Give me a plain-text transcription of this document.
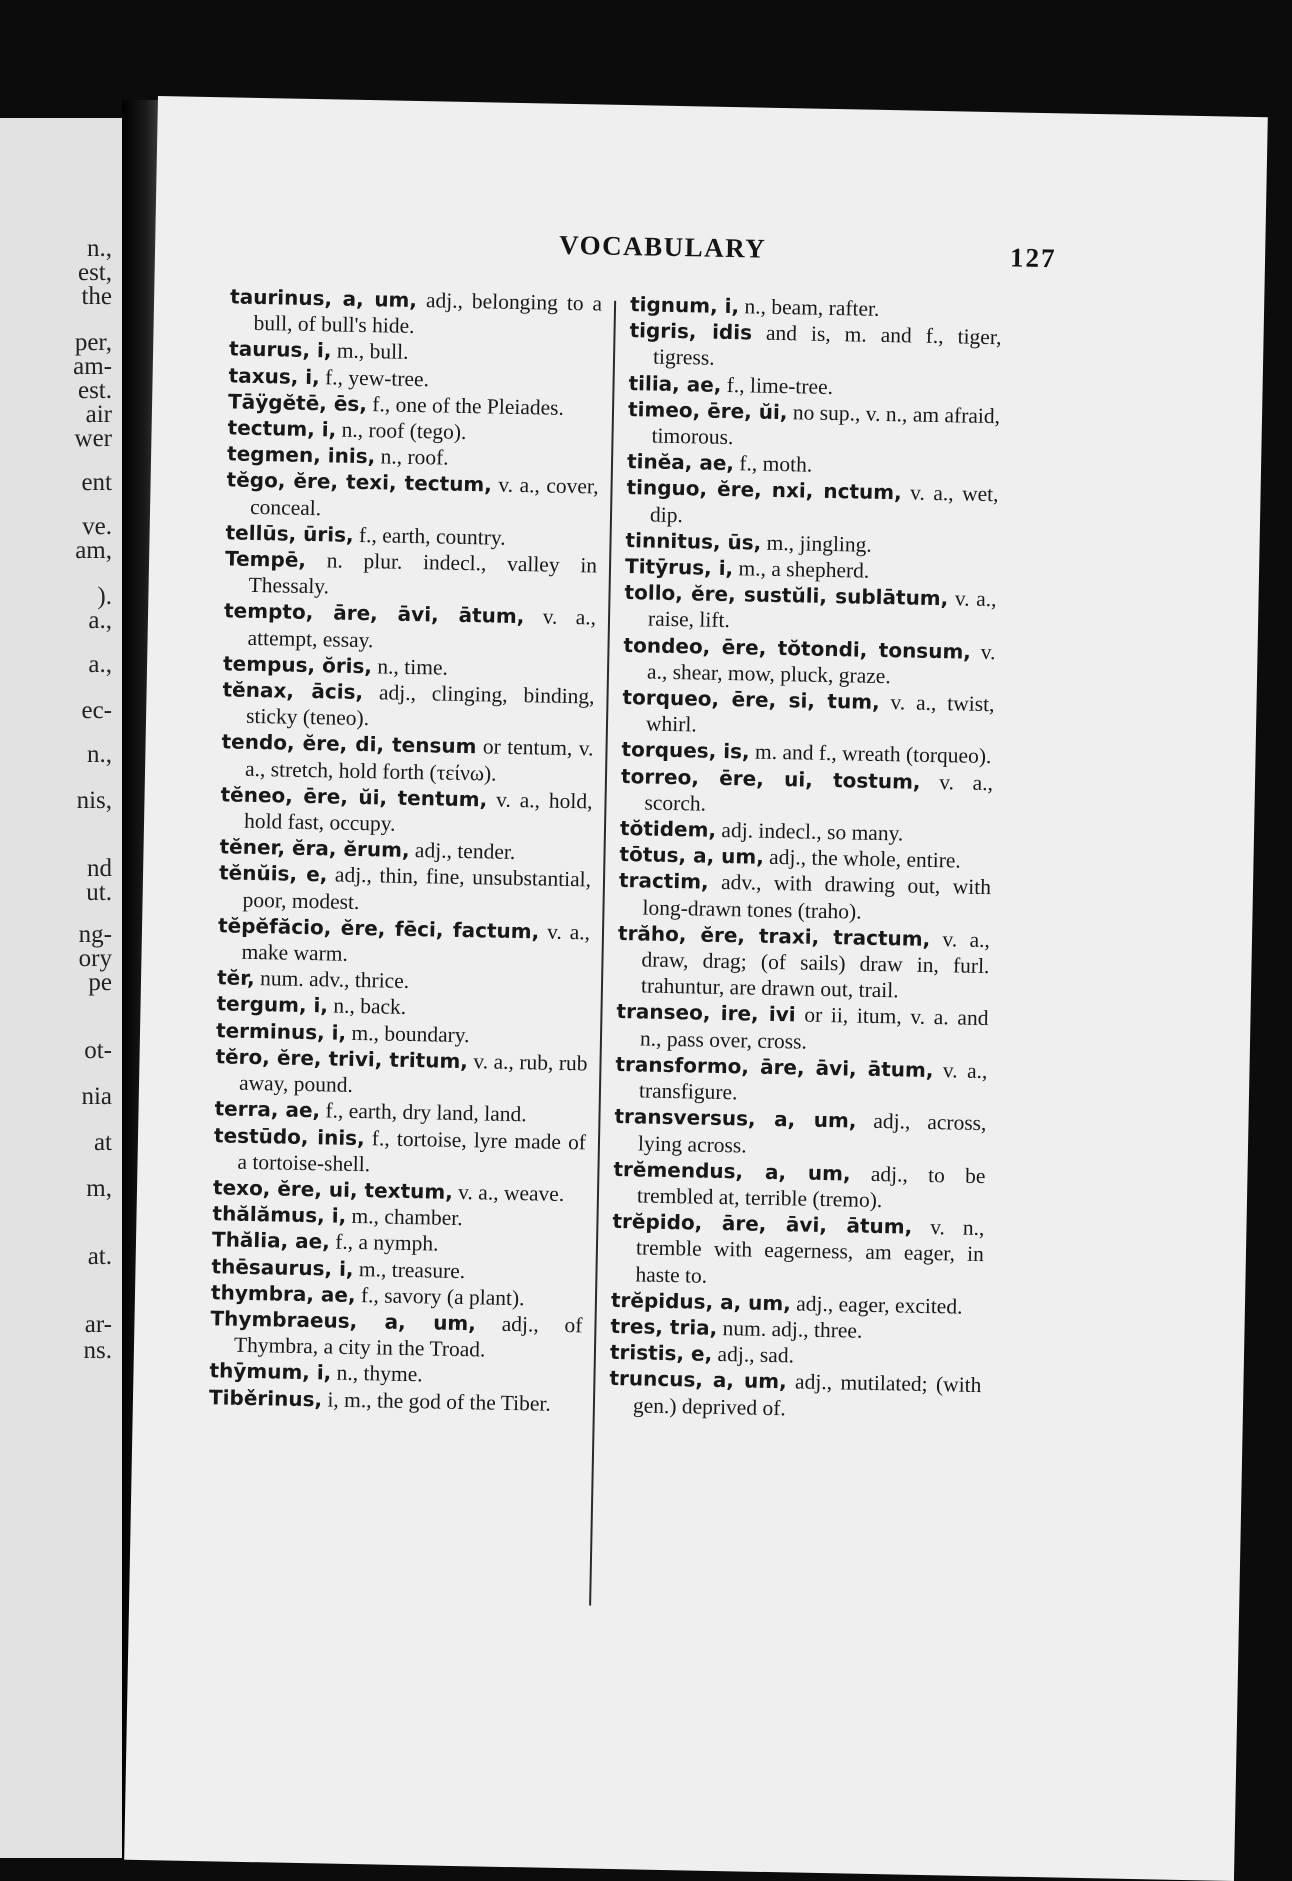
n.,
est,
the
per,
am-
est.
air
wer
ent
ve.
am,
).
a.,
a.,
ec-
n.,
nis,
nd
ut.
ng-
ory
pe
ot-
nia
at
m,
at.
ar-
ns.
VOCABULARY	127
taurinus, a, um, adj., belonging to a bull, of bull's hide.
taurus, i, m., bull.
taxus, i, f., yew-tree.
Tāÿgĕtē, ēs, f., one of the Pleiades.
tectum, i, n., roof (tego).
tegmen, inis, n., roof.
tĕgo, ĕre, texi, tectum, v. a., cover, conceal.
tellūs, ūris, f., earth, country.
Tempē, n. plur. indecl., valley in Thessaly.
tempto, āre, āvi, ātum, v. a., attempt, essay.
tempus, ŏris, n., time.
tĕnax, ācis, adj., clinging, binding, sticky (teneo).
tendo, ĕre, di, tensum or tentum, v. a., stretch, hold forth (τείνω).
tĕneo, ēre, ŭi, tentum, v. a., hold, hold fast, occupy.
tĕner, ĕra, ĕrum, adj., tender.
tĕnŭis, e, adj., thin, fine, unsubstantial, poor, modest.
tĕpĕfăcio, ĕre, fēci, factum, v. a., make warm.
tĕr, num. adv., thrice.
tergum, i, n., back.
terminus, i, m., boundary.
tĕro, ĕre, trivi, tritum, v. a., rub, rub away, pound.
terra, ae, f., earth, dry land, land.
testūdo, inis, f., tortoise, lyre made of a tortoise-shell.
texo, ĕre, ui, textum, v. a., weave.
thălămus, i, m., chamber.
Thălia, ae, f., a nymph.
thēsaurus, i, m., treasure.
thymbra, ae, f., savory (a plant).
Thymbraeus, a, um, adj., of Thymbra, a city in the Troad.
thȳmum, i, n., thyme.
Tiběrinus, i, m., the god of the Tiber.
tignum, i, n., beam, rafter.
tigris, idis and is, m. and f., tiger, tigress.
tilia, ae, f., lime-tree.
timeo, ēre, ŭi, no sup., v. n., am afraid, timorous.
tinĕa, ae, f., moth.
tinguo, ĕre, nxi, nctum, v. a., wet, dip.
tinnitus, ūs, m., jingling.
Titȳrus, i, m., a shepherd.
tollo, ĕre, sustŭli, sublātum, v. a., raise, lift.
tondeo, ēre, tŏtondi, tonsum, v. a., shear, mow, pluck, graze.
torqueo, ēre, si, tum, v. a., twist, whirl.
torques, is, m. and f., wreath (torqueo).
torreo, ēre, ui, tostum, v. a., scorch.
tŏtidem, adj. indecl., so many.
tōtus, a, um, adj., the whole, entire.
tractim, adv., with drawing out, with long-drawn tones (traho).
trăho, ĕre, traxi, tractum, v. a., draw, drag; (of sails) draw in, furl. trahuntur, are drawn out, trail.
transeo, ire, ivi or ii, itum, v. a. and n., pass over, cross.
transformo, āre, āvi, ātum, v. a., transfigure.
transversus, a, um, adj., across, lying across.
trĕmendus, a, um, adj., to be trembled at, terrible (tremo).
trĕpido, āre, āvi, ātum, v. n., tremble with eagerness, am eager, in haste to.
trĕpidus, a, um, adj., eager, excited.
tres, tria, num. adj., three.
tristis, e, adj., sad.
truncus, a, um, adj., mutilated; (with gen.) deprived of.
